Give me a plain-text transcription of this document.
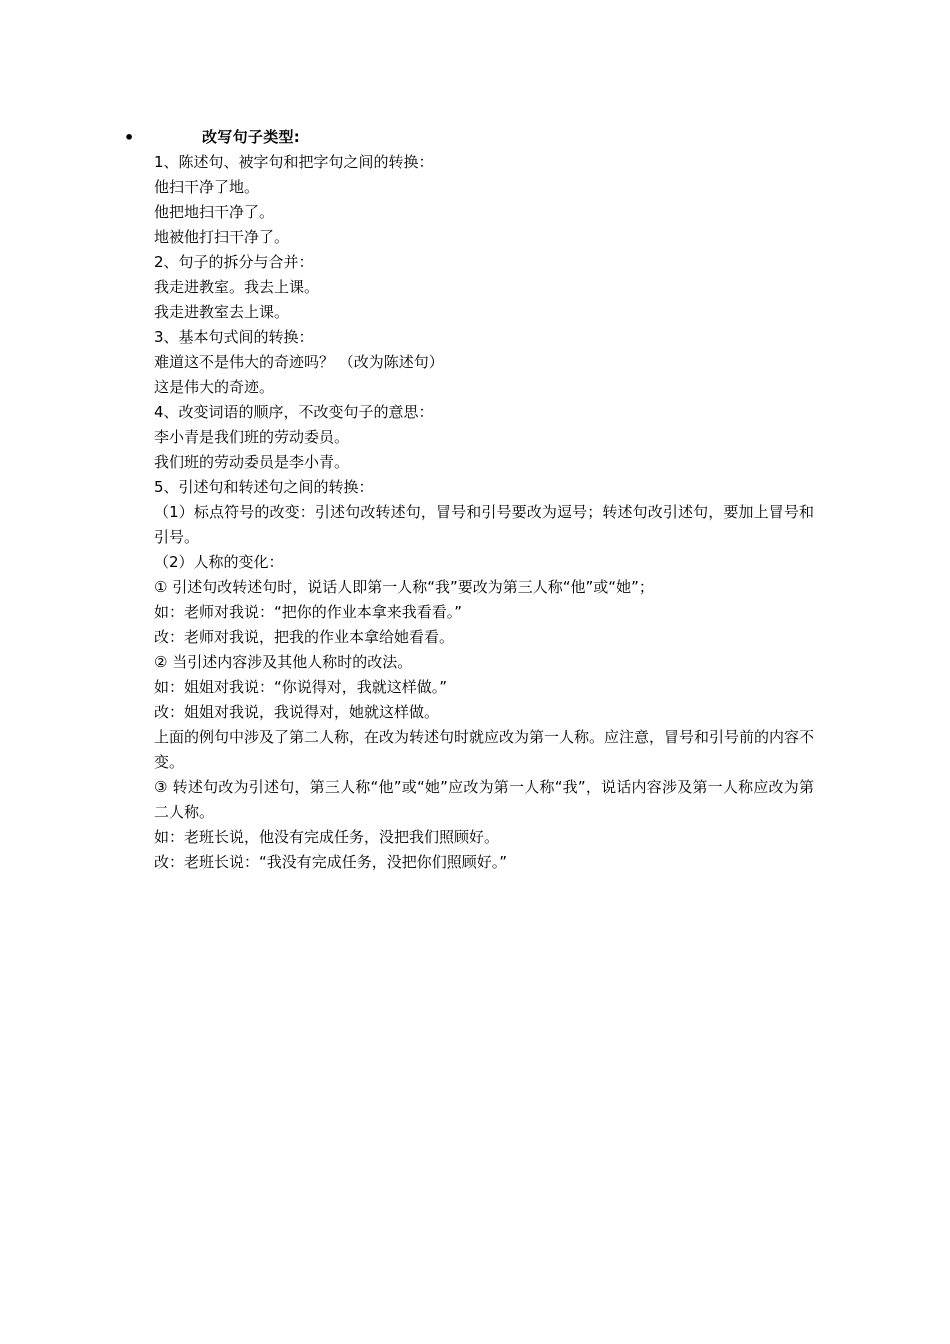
•	改写句子类型:
1、陈述句、被字句和把字句之间的转换：
他扫干净了地。
他把地扫干净了。
地被他打扫干净了。
2、句子的拆分与合并：
我走进教室。我去上课。
我走进教室去上课。
3、基本句式间的转换：
难道这不是伟大的奇迹吗？ （改为陈述句）
这是伟大的奇迹。
4、改变词语的顺序，不改变句子的意思：
李小青是我们班的劳动委员。
我们班的劳动委员是李小青。
5、引述句和转述句之间的转换：
（1）标点符号的改变：引述句改转述句，冒号和引号要改为逗号；转述句改引述句，要加上冒号和引号。
（2）人称的变化：
① 引述句改转述句时，说话人即第一人称“我”要改为第三人称“他”或“她”；
如：老师对我说：“把你的作业本拿来我看看。”
改：老师对我说，把我的作业本拿给她看看。
② 当引述内容涉及其他人称时的改法。
如：姐姐对我说：“你说得对，我就这样做。”
改：姐姐对我说，我说得对，她就这样做。
上面的例句中涉及了第二人称，在改为转述句时就应改为第一人称。应注意，冒号和引号前的内容不变。
③ 转述句改为引述句，第三人称“他”或“她”应改为第一人称“我”，说话内容涉及第一人称应改为第二人称。
如：老班长说，他没有完成任务，没把我们照顾好。
改：老班长说：“我没有完成任务，没把你们照顾好。”
